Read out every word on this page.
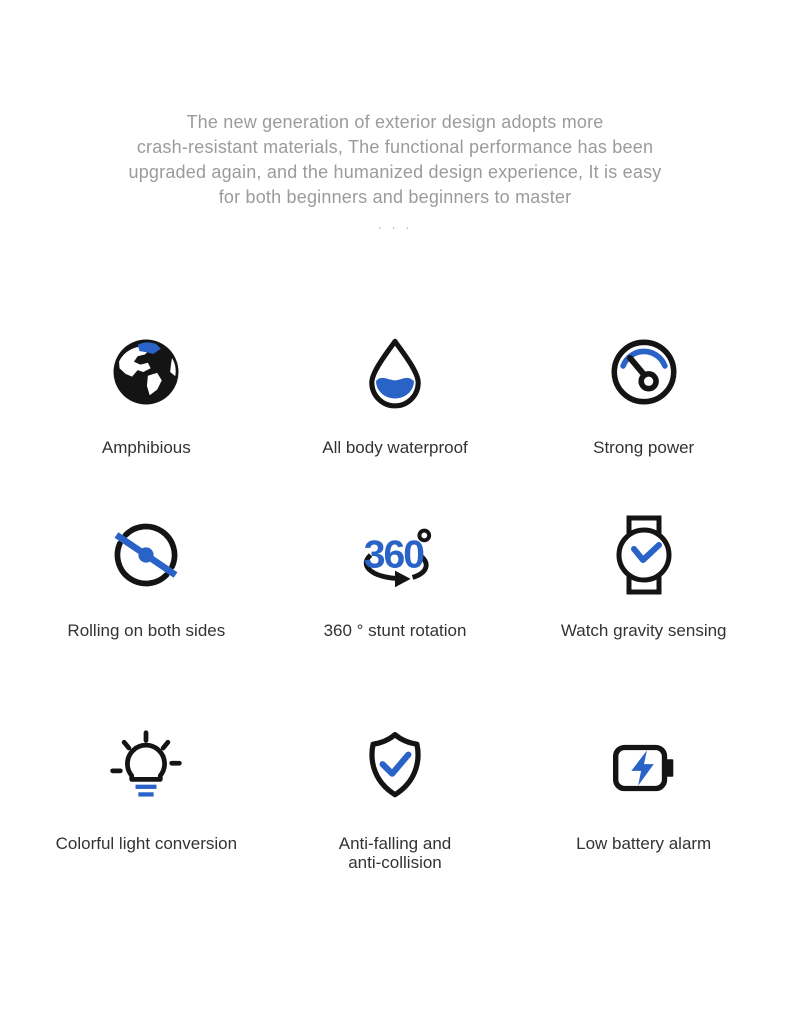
The new generation of exterior design adopts more
crash-resistant materials, The functional performance has been
upgraded again, and the humanized design experience, It is easy
for both beginners and beginners to master
. . .
Amphibious	All body waterproof	Strong power
Rolling on both sides
360
360 ° stunt rotation	Watch gravity sensing
Colorful light conversion	Anti-falling and anti-collision
Low battery alarm
